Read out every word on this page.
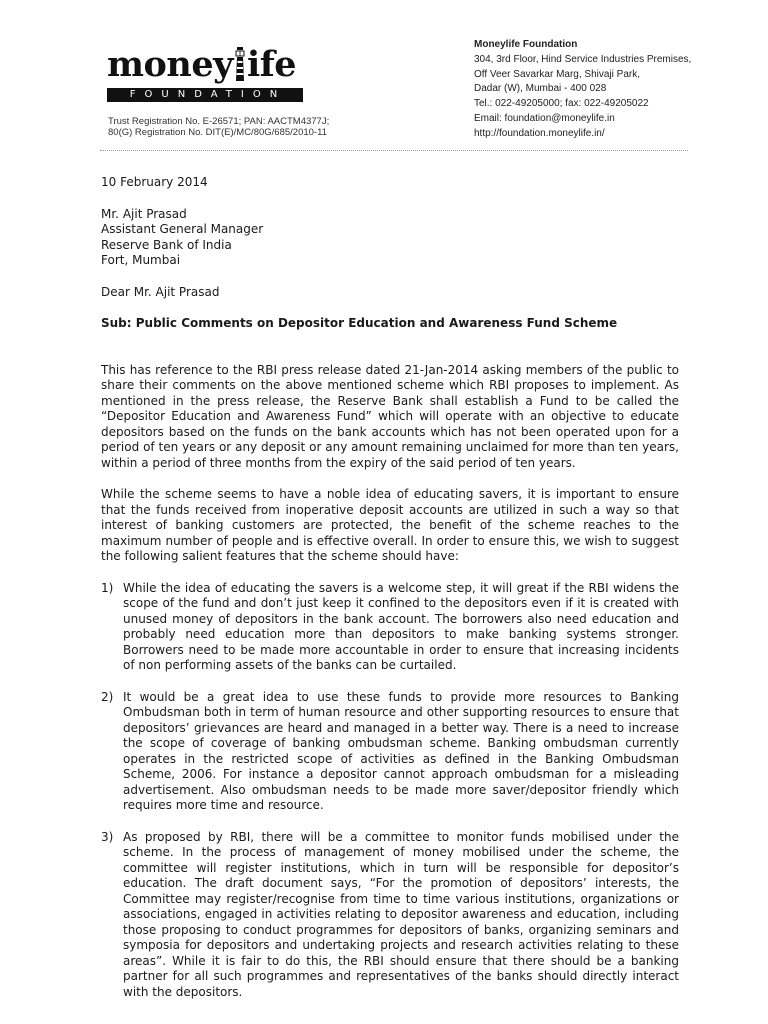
money ife
FOUNDATION
Trust Registration No. E-26571; PAN: AACTM4377J;
80(G) Registration No. DIT(E)/MC/80G/685/2010-11
Moneylife Foundation
304, 3rd Floor, Hind Service Industries Premises,
Off Veer Savarkar Marg, Shivaji Park,
Dadar (W), Mumbai - 400 028
Tel.: 022-49205000; fax: 022-49205022
Email: foundation@moneylife.in
http://foundation.moneylife.in/
10 February 2014
Mr. Ajit Prasad
Assistant General Manager
Reserve Bank of India
Fort, Mumbai
Dear Mr. Ajit Prasad
Sub: Public Comments on Depositor Education and Awareness Fund Scheme

This has reference to the RBI press release dated 21-Jan-2014 asking members of the public to share their comments on the above mentioned scheme which RBI proposes to implement. As mentioned in the press release, the Reserve Bank shall establish a Fund to be called the “Depositor Education and Awareness Fund” which will operate with an objective to educate depositors based on the funds on the bank accounts which has not been operated upon for a period of ten years or any deposit or any amount remaining unclaimed for more than ten years, within a period of three months from the expiry of the said period of ten years.

While the scheme seems to have a noble idea of educating savers, it is important to ensure that the funds received from inoperative deposit accounts are utilized in such a way so that interest of banking customers are protected, the benefit of the scheme reaches to the maximum number of people and is effective overall. In order to ensure this, we wish to suggest the following salient features that the scheme should have:

1) While the idea of educating the savers is a welcome step, it will great if the RBI widens the scope of the fund and don’t just keep it confined to the depositors even if it is created with unused money of depositors in the bank account. The borrowers also need education and probably need education more than depositors to make banking systems stronger. Borrowers need to be made more accountable in order to ensure that increasing incidents of non performing assets of the banks can be curtailed.
2) It would be a great idea to use these funds to provide more resources to Banking Ombudsman both in term of human resource and other supporting resources to ensure that depositors’ grievances are heard and managed in a better way. There is a need to increase the scope of coverage of banking ombudsman scheme. Banking ombudsman currently operates in the restricted scope of activities as defined in the Banking Ombudsman Scheme, 2006. For instance a depositor cannot approach ombudsman for a misleading advertisement. Also ombudsman needs to be made more saver/depositor friendly which requires more time and resource.
3) As proposed by RBI, there will be a committee to monitor funds mobilised under the scheme. In the process of management of money mobilised under the scheme, the committee will register institutions, which in turn will be responsible for depositor’s education. The draft document says, “For the promotion of depositors’ interests, the Committee may register/recognise from time to time various institutions, organizations or associations, engaged in activities relating to depositor awareness and education, including those proposing to conduct programmes for depositors of banks, organizing seminars and symposia for depositors and undertaking projects and research activities relating to these areas”. While it is fair to do this, the RBI should ensure that there should be a banking partner for all such programmes and representatives of the banks should directly interact with the depositors.
